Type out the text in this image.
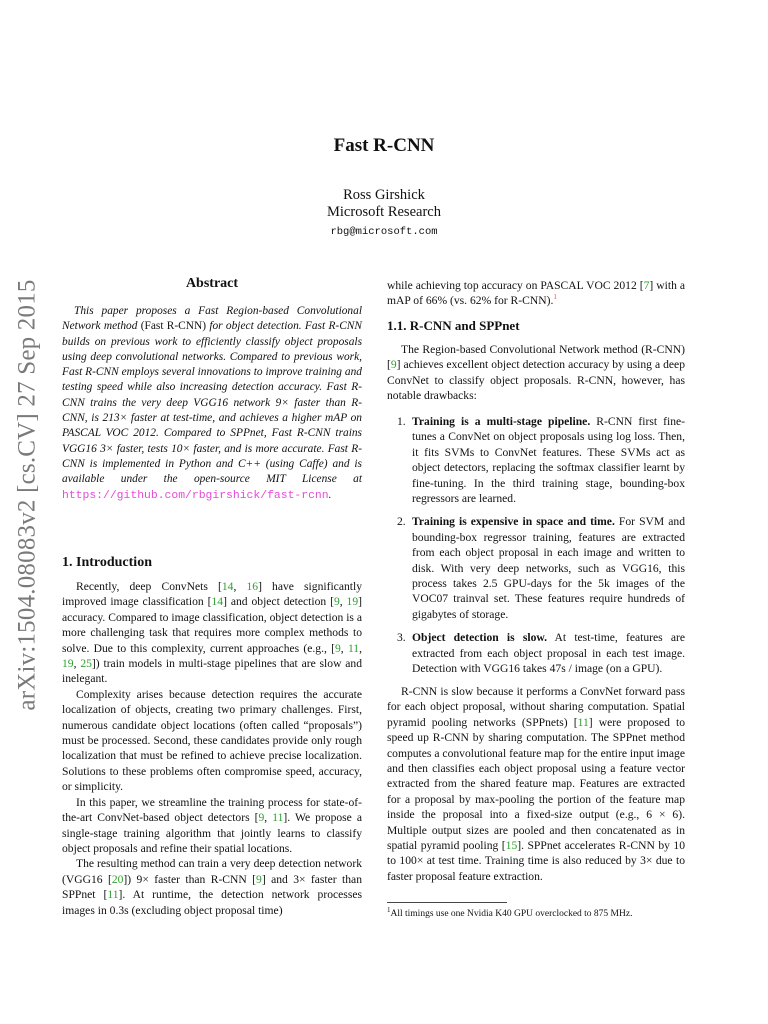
arXiv:1504.08083v2 [cs.CV] 27 Sep 2015
Fast R-CNN
Ross Girshick
Microsoft Research
rbg@microsoft.com
Abstract

This paper proposes a Fast Region-based Convolutional Network method (Fast R-CNN) for object detection. Fast R-CNN builds on previous work to efficiently classify object proposals using deep convolutional networks. Compared to previous work, Fast R-CNN employs several innovations to improve training and testing speed while also increasing detection accuracy. Fast R-CNN trains the very deep VGG16 network 9× faster than R-CNN, is 213× faster at test-time, and achieves a higher mAP on PASCAL VOC 2012. Compared to SPPnet, Fast R-CNN trains VGG16 3× faster, tests 10× faster, and is more accurate. Fast R-CNN is implemented in Python and C++ (using Caffe) and is available under the open-source MIT License at https://github.com/rbgirshick/fast-rcnn.

1. Introduction

Recently, deep ConvNets [14, 16] have significantly improved image classification [14] and object detection [9, 19] accuracy. Compared to image classification, object detection is a more challenging task that requires more complex methods to solve. Due to this complexity, current approaches (e.g., [9, 11, 19, 25]) train models in multi-stage pipelines that are slow and inelegant.

Complexity arises because detection requires the accurate localization of objects, creating two primary challenges. First, numerous candidate object locations (often called “proposals”) must be processed. Second, these candidates provide only rough localization that must be refined to achieve precise localization. Solutions to these problems often compromise speed, accuracy, or simplicity.

In this paper, we streamline the training process for state-of-the-art ConvNet-based object detectors [9, 11]. We propose a single-stage training algorithm that jointly learns to classify object proposals and refine their spatial locations.

The resulting method can train a very deep detection network (VGG16 [20]) 9× faster than R-CNN [9] and 3× faster than SPPnet [11]. At runtime, the detection network processes images in 0.3s (excluding object proposal time)

while achieving top accuracy on PASCAL VOC 2012 [7] with a mAP of 66% (vs. 62% for R-CNN).$^1$
1.1. R-CNN and SPPnet

The Region-based Convolutional Network method (R-CNN) [9] achieves excellent object detection accuracy by using a deep ConvNet to classify object proposals. R-CNN, however, has notable drawbacks:

1. Training is a multi-stage pipeline. R-CNN first fine-tunes a ConvNet on object proposals using log loss. Then, it fits SVMs to ConvNet features. These SVMs act as object detectors, replacing the softmax classifier learnt by fine-tuning. In the third training stage, bounding-box regressors are learned.
2. Training is expensive in space and time. For SVM and bounding-box regressor training, features are extracted from each object proposal in each image and written to disk. With very deep networks, such as VGG16, this process takes 2.5 GPU-days for the 5k images of the VOC07 trainval set. These features require hundreds of gigabytes of storage.
3. Object detection is slow. At test-time, features are extracted from each object proposal in each test image. Detection with VGG16 takes 47s / image (on a GPU).

R-CNN is slow because it performs a ConvNet forward pass for each object proposal, without sharing computation. Spatial pyramid pooling networks (SPPnets) [11] were proposed to speed up R-CNN by sharing computation. The SPPnet method computes a convolutional feature map for the entire input image and then classifies each object proposal using a feature vector extracted from the shared feature map. Features are extracted for a proposal by max-pooling the portion of the feature map inside the proposal into a fixed-size output (e.g., 6 × 6). Multiple output sizes are pooled and then concatenated as in spatial pyramid pooling [15]. SPPnet accelerates R-CNN by 10 to 100× at test time. Training time is also reduced by 3× due to faster proposal feature extraction.

$^1$All timings use one Nvidia K40 GPU overclocked to 875 MHz.
